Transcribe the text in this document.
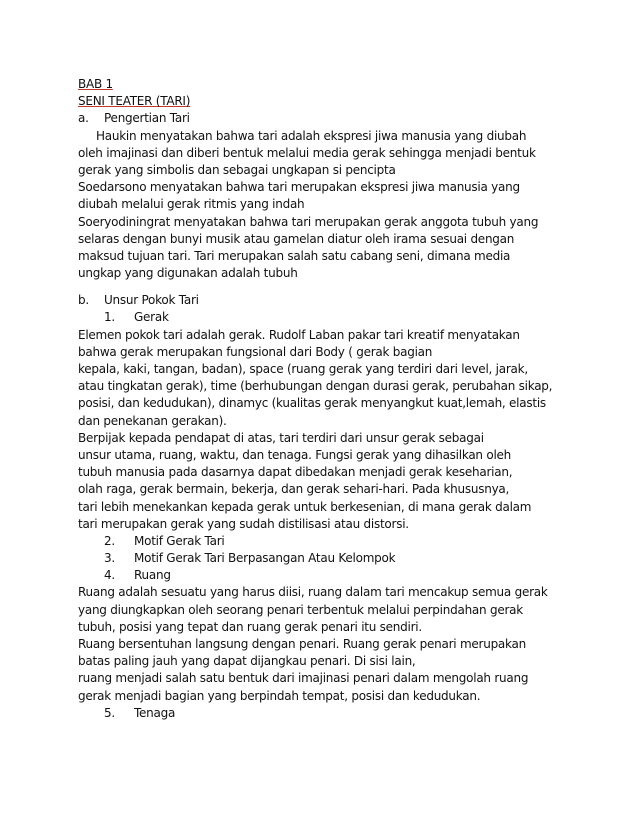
BAB 1
SENI TEATER (TARI)
a.	Pengertian Tari
Haukin menyatakan bahwa tari adalah ekspresi jiwa manusia yang diubah
oleh imajinasi dan diberi bentuk melalui media gerak sehingga menjadi bentuk
gerak yang simbolis dan sebagai ungkapan si pencipta
Soedarsono menyatakan bahwa tari merupakan ekspresi jiwa manusia yang
diubah melalui gerak ritmis yang indah
Soeryodiningrat menyatakan bahwa tari merupakan gerak anggota tubuh yang
selaras dengan bunyi musik atau gamelan diatur oleh irama sesuai dengan
maksud tujuan tari. Tari merupakan salah satu cabang seni, dimana media
ungkap yang digunakan adalah tubuh
b.	Unsur Pokok Tari
1.	Gerak
Elemen pokok tari adalah gerak. Rudolf Laban pakar tari kreatif menyatakan
bahwa gerak merupakan fungsional dari Body ( gerak bagian
kepala, kaki, tangan, badan), space (ruang gerak yang terdiri dari level, jarak,
atau tingkatan gerak), time (berhubungan dengan durasi gerak, perubahan sikap,
posisi, dan kedudukan), dinamyc (kualitas gerak menyangkut kuat,lemah, elastis
dan penekanan gerakan).
Berpijak kepada pendapat di atas, tari terdiri dari unsur gerak sebagai
unsur utama, ruang, waktu, dan tenaga. Fungsi gerak yang dihasilkan oleh
tubuh manusia pada dasarnya dapat dibedakan menjadi gerak keseharian,
olah raga, gerak bermain, bekerja, dan gerak sehari-hari. Pada khususnya,
tari lebih menekankan kepada gerak untuk berkesenian, di mana gerak dalam
tari merupakan gerak yang sudah distilisasi atau distorsi.
2.	Motif Gerak Tari
3.	Motif Gerak Tari Berpasangan Atau Kelompok
4.	Ruang
Ruang adalah sesuatu yang harus diisi, ruang dalam tari mencakup semua gerak
yang diungkapkan oleh seorang penari terbentuk melalui perpindahan gerak
tubuh, posisi yang tepat dan ruang gerak penari itu sendiri.
Ruang bersentuhan langsung dengan penari. Ruang gerak penari merupakan
batas paling jauh yang dapat dijangkau penari. Di sisi lain,
ruang menjadi salah satu bentuk dari imajinasi penari dalam mengolah ruang
gerak menjadi bagian yang berpindah tempat, posisi dan kedudukan.
5.	Tenaga
